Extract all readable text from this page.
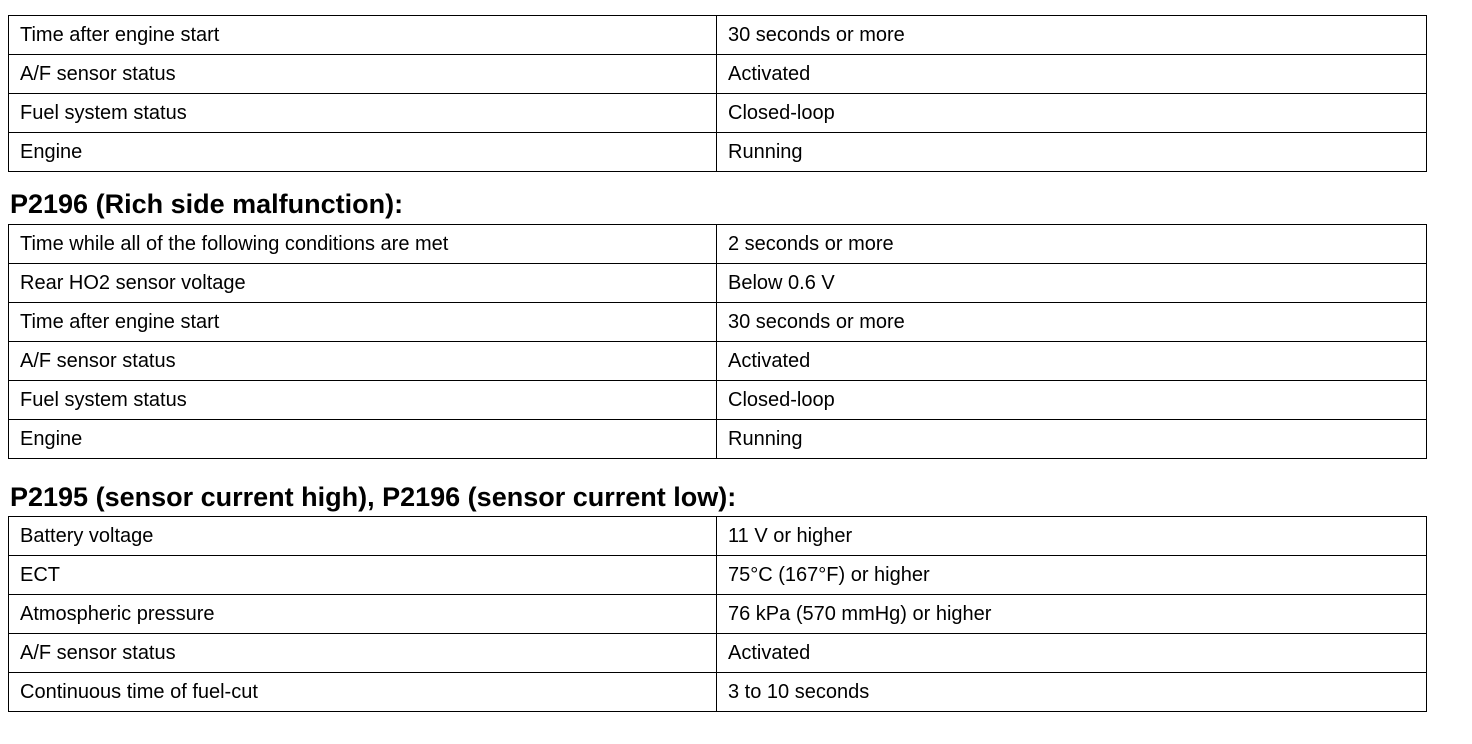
Time after engine start	30 seconds or more
A/F sensor status	Activated
Fuel system status	Closed-loop
Engine	Running
P2196 (Rich side malfunction):
Time while all of the following conditions are met	2 seconds or more
Rear HO2 sensor voltage	Below 0.6 V
Time after engine start	30 seconds or more
A/F sensor status	Activated
Fuel system status	Closed-loop
Engine	Running
P2195 (sensor current high), P2196 (sensor current low):
Battery voltage	11 V or higher
ECT	75°C (167°F) or higher
Atmospheric pressure	76 kPa (570 mmHg) or higher
A/F sensor status	Activated
Continuous time of fuel-cut	3 to 10 seconds
